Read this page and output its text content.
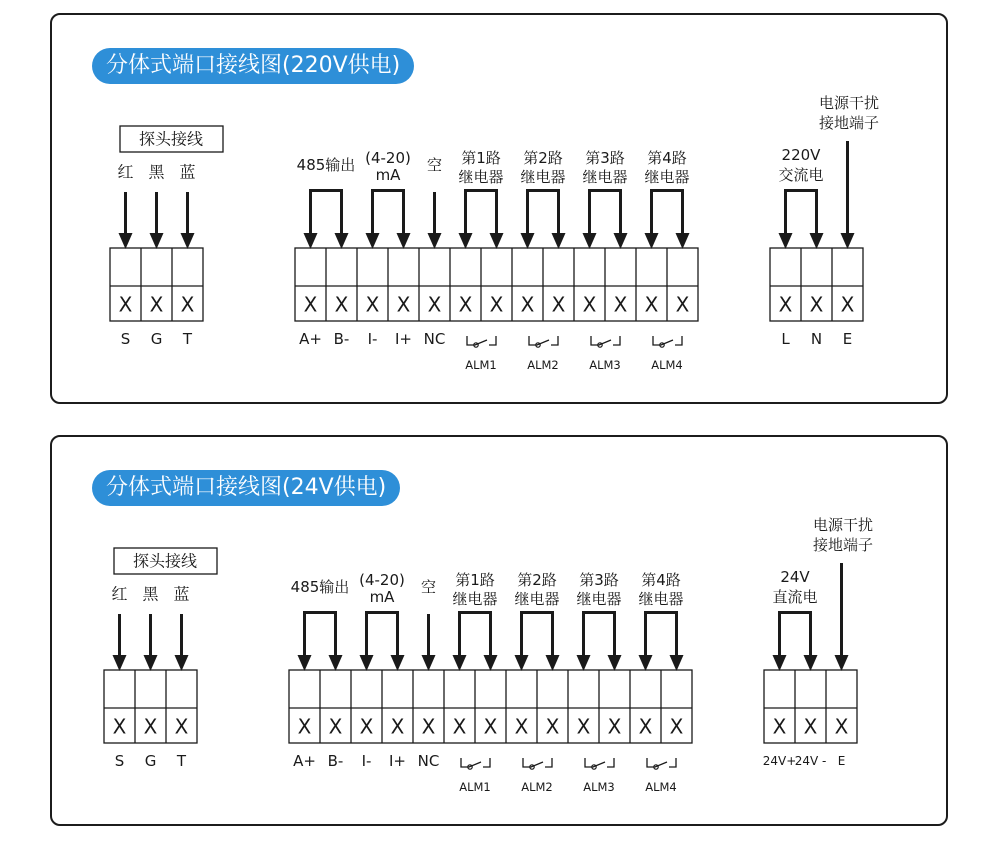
分体式端口接线图(220V供电)
探头接线
红
S
黑
G
蓝
T
X X X	X X X X X X X X X X X X X
485输出 (4-20)
mA
空 第1路
继电器
第2路
继电器
第3路
继电器
第4路
继电器
A+ B- I- I+ NC
ALM1	ALM2	ALM3	ALM4
X X X
220V
交流电
电源干扰
接地端子
L N E
分体式端口接线图(24V供电)
探头接线
红
S
黑
G
蓝
T
X X X	X X X X X X X X X X X X X
485输出 (4-20)
mA
空 第1路
继电器
第2路
继电器
第3路
继电器
第4路
继电器
A+ B- I- I+ NC
ALM1	ALM2	ALM3	ALM4
X X X
24V
直流电
电源干扰
接地端子
24V+
24V - E
